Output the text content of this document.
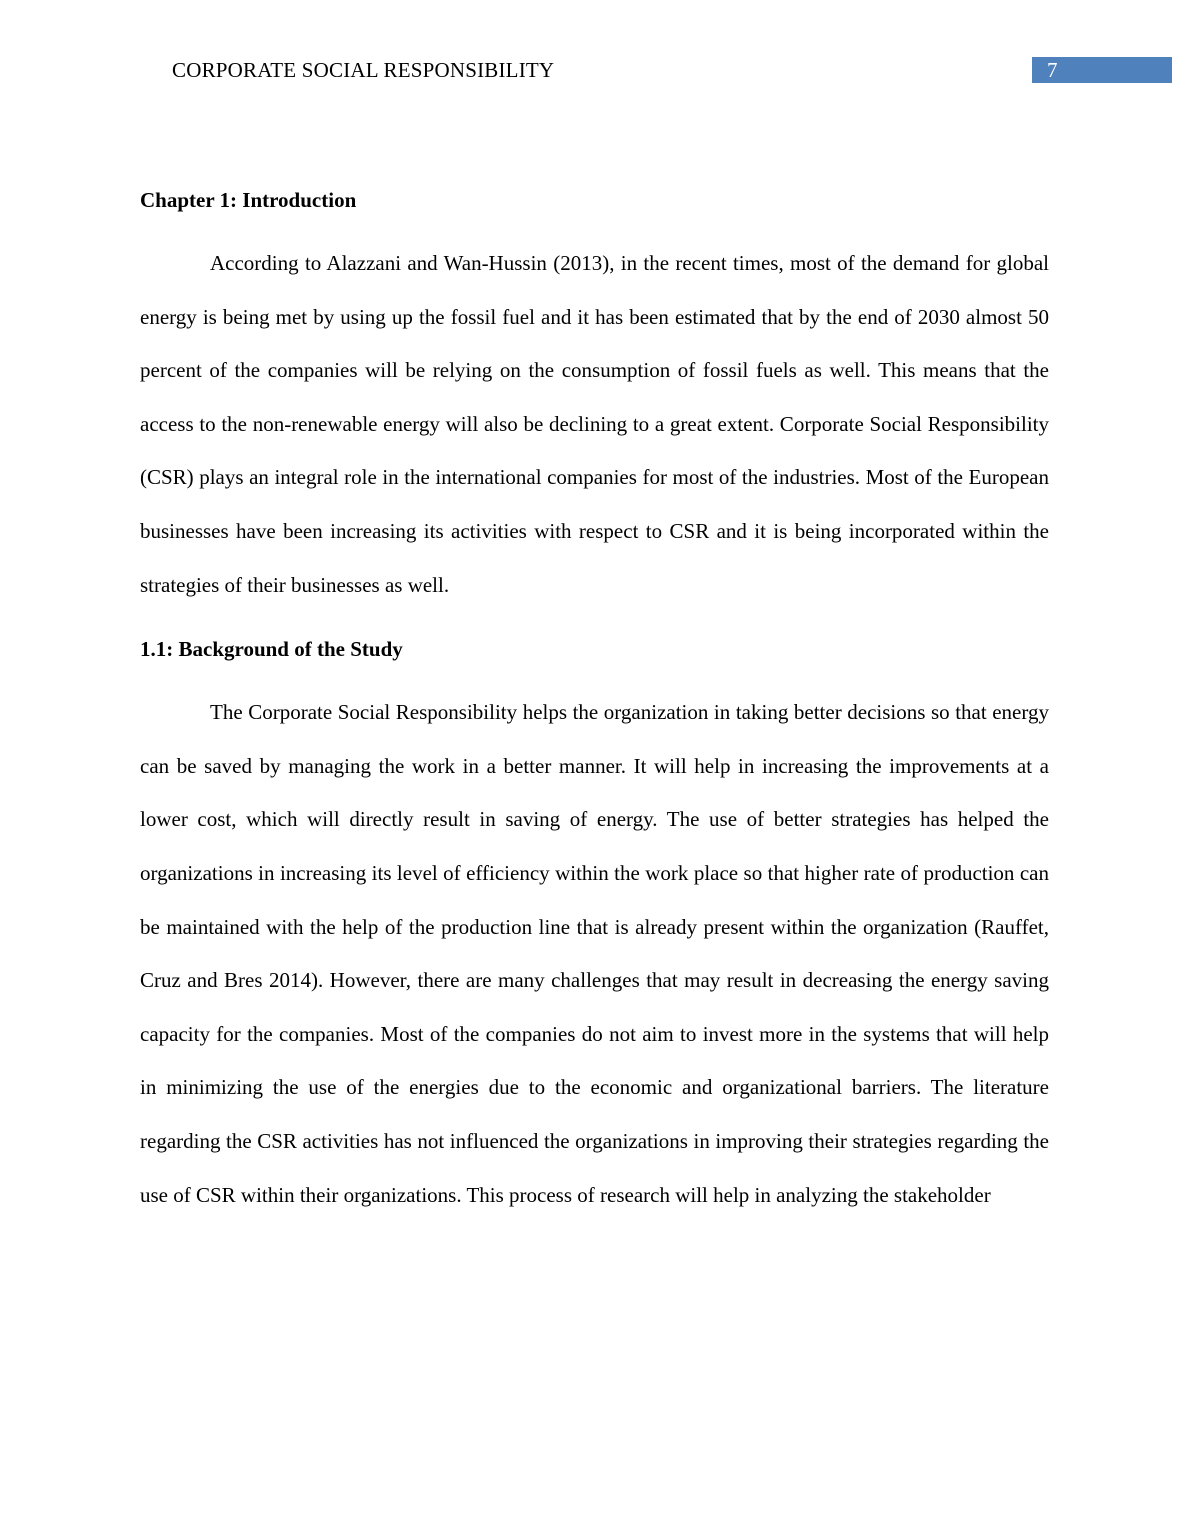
CORPORATE SOCIAL RESPONSIBILITY	7
Chapter 1: Introduction

According to Alazzani and Wan-Hussin (2013), in the recent times, most of the demand for global energy is being met by using up the fossil fuel and it has been estimated that by the end of 2030 almost 50 percent of the companies will be relying on the consumption of fossil fuels as well. This means that the access to the non-renewable energy will also be declining to a great extent. Corporate Social Responsibility (CSR) plays an integral role in the international companies for most of the industries. Most of the European businesses have been increasing its activities with respect to CSR and it is being incorporated within the strategies of their businesses as well.

1.1: Background of the Study

The Corporate Social Responsibility helps the organization in taking better decisions so that energy can be saved by managing the work in a better manner. It will help in increasing the improvements at a lower cost, which will directly result in saving of energy. The use of better strategies has helped the organizations in increasing its level of efficiency within the work place so that higher rate of production can be maintained with the help of the production line that is already present within the organization (Rauffet, Cruz and Bres 2014). However, there are many challenges that may result in decreasing the energy saving capacity for the companies. Most of the companies do not aim to invest more in the systems that will help in minimizing the use of the energies due to the economic and organizational barriers. The literature regarding the CSR activities has not influenced the organizations in improving their strategies regarding the use of CSR within their organizations. This process of research will help in analyzing the stakeholder
